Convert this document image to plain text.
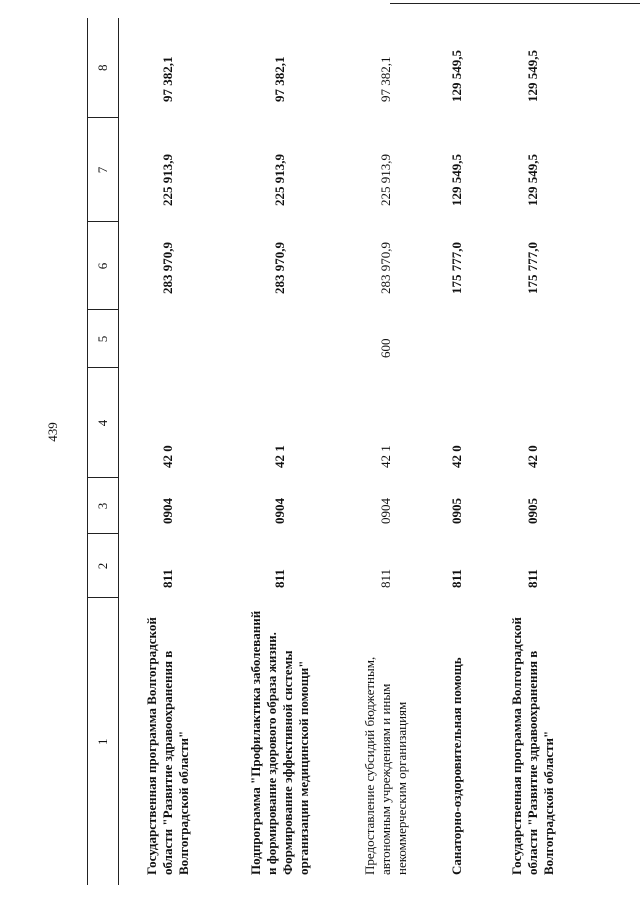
439
1	2	3	4	5	6	7	8
Государственная программа Волгоградской области "Развитие здравоохранения в Волгоградской области"	811	0904	42 0		283 970,9	225 913,9	97 382,1
Подпрограмма "Профилактика заболеваний и формирование здорового образа жизни. Формирование эффективной системы организации медицинской помощи"	811	0904	42 1		283 970,9	225 913,9	97 382,1
Предоставление субсидий бюджетным, автономным учреждениям и иным некоммерческим организациям	811	0904	42 1	600	283 970,9	225 913,9	97 382,1
Санаторно-оздоровительная помощь	811	0905	42 0		175 777,0	129 549,5	129 549,5
Государственная программа Волгоградской области "Развитие здравоохранения в Волгоградской области"	811	0905	42 0		175 777,0	129 549,5	129 549,5
